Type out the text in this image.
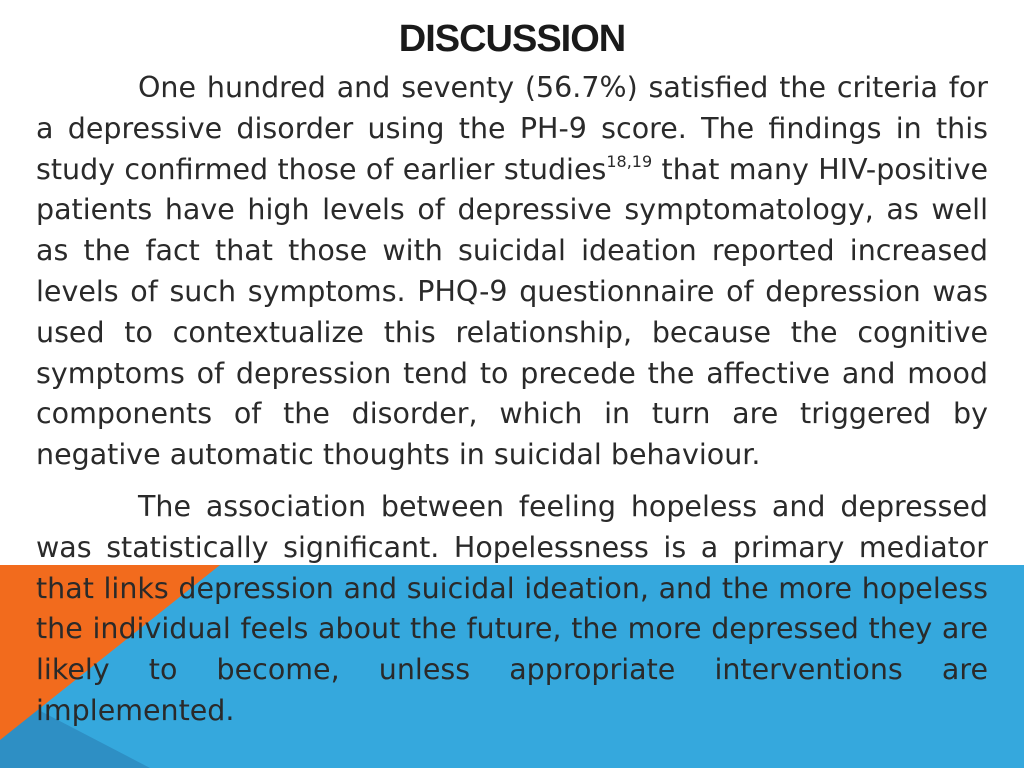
DISCUSSION

One hundred and seventy (56.7%) satisfied the criteria for a depressive disorder using the PH-9 score. The findings in this study confirmed those of earlier studies$^{18,19}$ that many HIV-positive patients have high levels of depressive symptomatology, as well as the fact that those with suicidal ideation reported increased levels of such symptoms. PHQ-9 questionnaire of depression was used to contextualize this relationship, because the cognitive symptoms of depression tend to precede the affective and mood components of the disorder, which in turn are triggered by negative automatic thoughts in suicidal behaviour.

The association between feeling hopeless and depressed was statistically significant. Hopelessness is a primary mediator that links depression and suicidal ideation, and the more hopeless the individual feels about the future, the more depressed they are likely to become, unless appropriate interventions are implemented.
